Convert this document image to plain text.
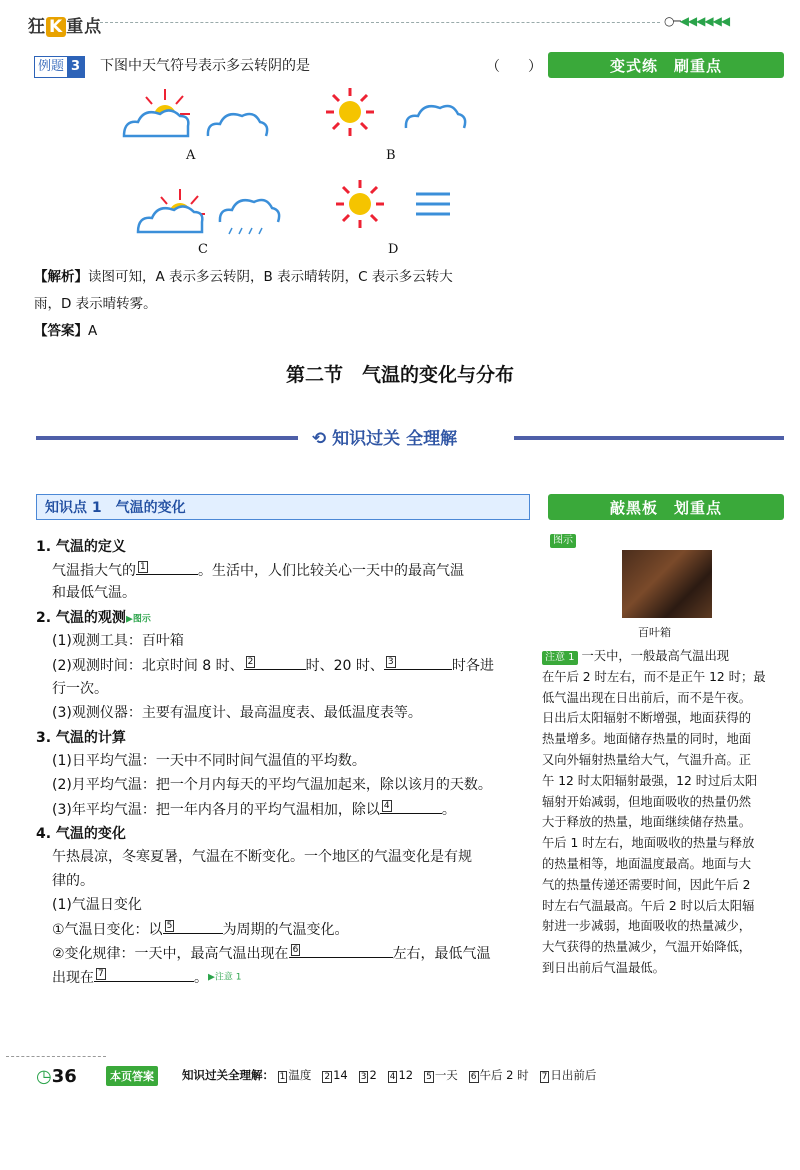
狂 K 重点	○─◀◀◀◀◀◀
例题 3 下图中天气符号表示多云转阴的是	（　　）	变式练　刷重点
A	B
C	D
【解析】读图可知，A 表示多云转阴，B 表示晴转阴，C 表示多云转大
雨，D 表示晴转雾。
【答案】A
第二节　气温的变化与分布
⟲ 知识过关 全理解
知识点 1　气温的变化	敲黑板　划重点
1. 气温的定义
气温指大气的 1	。生活中，人们比较关心一天中的最高气温
和最低气温。
2. 气温的观测▶图示
(1)观测工具：百叶箱
(2)观测时间：北京时间 8 时、 2	时、20 时、 3	时各进
行一次。
(3)观测仪器：主要有温度计、最高温度表、最低温度表等。
3. 气温的计算
(1)日平均气温：一天中不同时间气温值的平均数。
(2)月平均气温：把一个月内每天的平均气温加起来，除以该月的天数。
(3)年平均气温：把一年内各月的平均气温相加，除以 4	。
4. 气温的变化
午热晨凉，冬寒夏暑，气温在不断变化。一个地区的气温变化是有规
律的。
(1)气温日变化
①气温日变化：以 5	为周期的气温变化。
②变化规律：一天中，最高气温出现在 6	左右，最低气温
出现在 7	。▶注意 1
图示
百叶箱
注意 1 一天中，一般最高气温出现
在午后 2 时左右，而不是正午 12 时；最
低气温出现在日出前后，而不是午夜。
日出后太阳辐射不断增强，地面获得的
热量增多。地面储存热量的同时，地面
又向外辐射热量给大气，气温升高。正
午 12 时太阳辐射最强，12 时过后太阳
辐射开始减弱，但地面吸收的热量仍然
大于释放的热量，地面继续储存热量。
午后 1 时左右，地面吸收的热量与释放
的热量相等，地面温度最高。地面与大
气的热量传递还需要时间，因此午后 2
时左右气温最高。午后 2 时以后太阳辐
射进一步减弱，地面吸收的热量减少，
大气获得的热量减少，气温开始降低，
到日出前后气温最低。
◷36	本页答案	知识过关全理解： 1 温度 2 14 3 2 4 12 5 一天 6 午后 2 时 7 日出前后
